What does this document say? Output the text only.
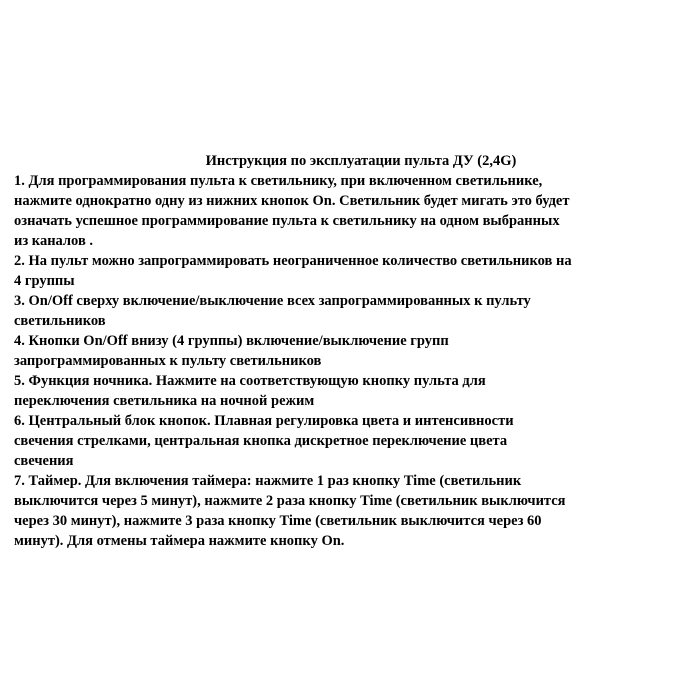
Инструкция по эксплуатации пульта ДУ (2,4G)
1. Для программирования пульта к светильнику, при включенном светильнике,
нажмите однократно одну из нижних кнопок On. Светильник будет мигать это будет
означать успешное программирование пульта к светильнику на одном выбранных
из каналов .
2. На пульт можно запрограммировать неограниченное количество светильников на
4 группы
3. On/Off сверху включение/выключение всех запрограммированных к пульту
светильников
4. Кнопки On/Off внизу (4 группы) включение/выключение групп
запрограммированных к пульту светильников
5. Функция ночника. Нажмите на соответствующую кнопку пульта для
переключения светильника на ночной режим
6. Центральный блок кнопок. Плавная регулировка цвета и интенсивности
свечения стрелками, центральная кнопка дискретное переключение цвета
свечения
7. Таймер. Для включения таймера: нажмите 1 раз кнопку Time (светильник
выключится через 5 минут), нажмите 2 раза кнопку Time (светильник выключится
через 30 минут), нажмите 3 раза кнопку Time (светильник выключится через 60
минут). Для отмены таймера нажмите кнопку On.
